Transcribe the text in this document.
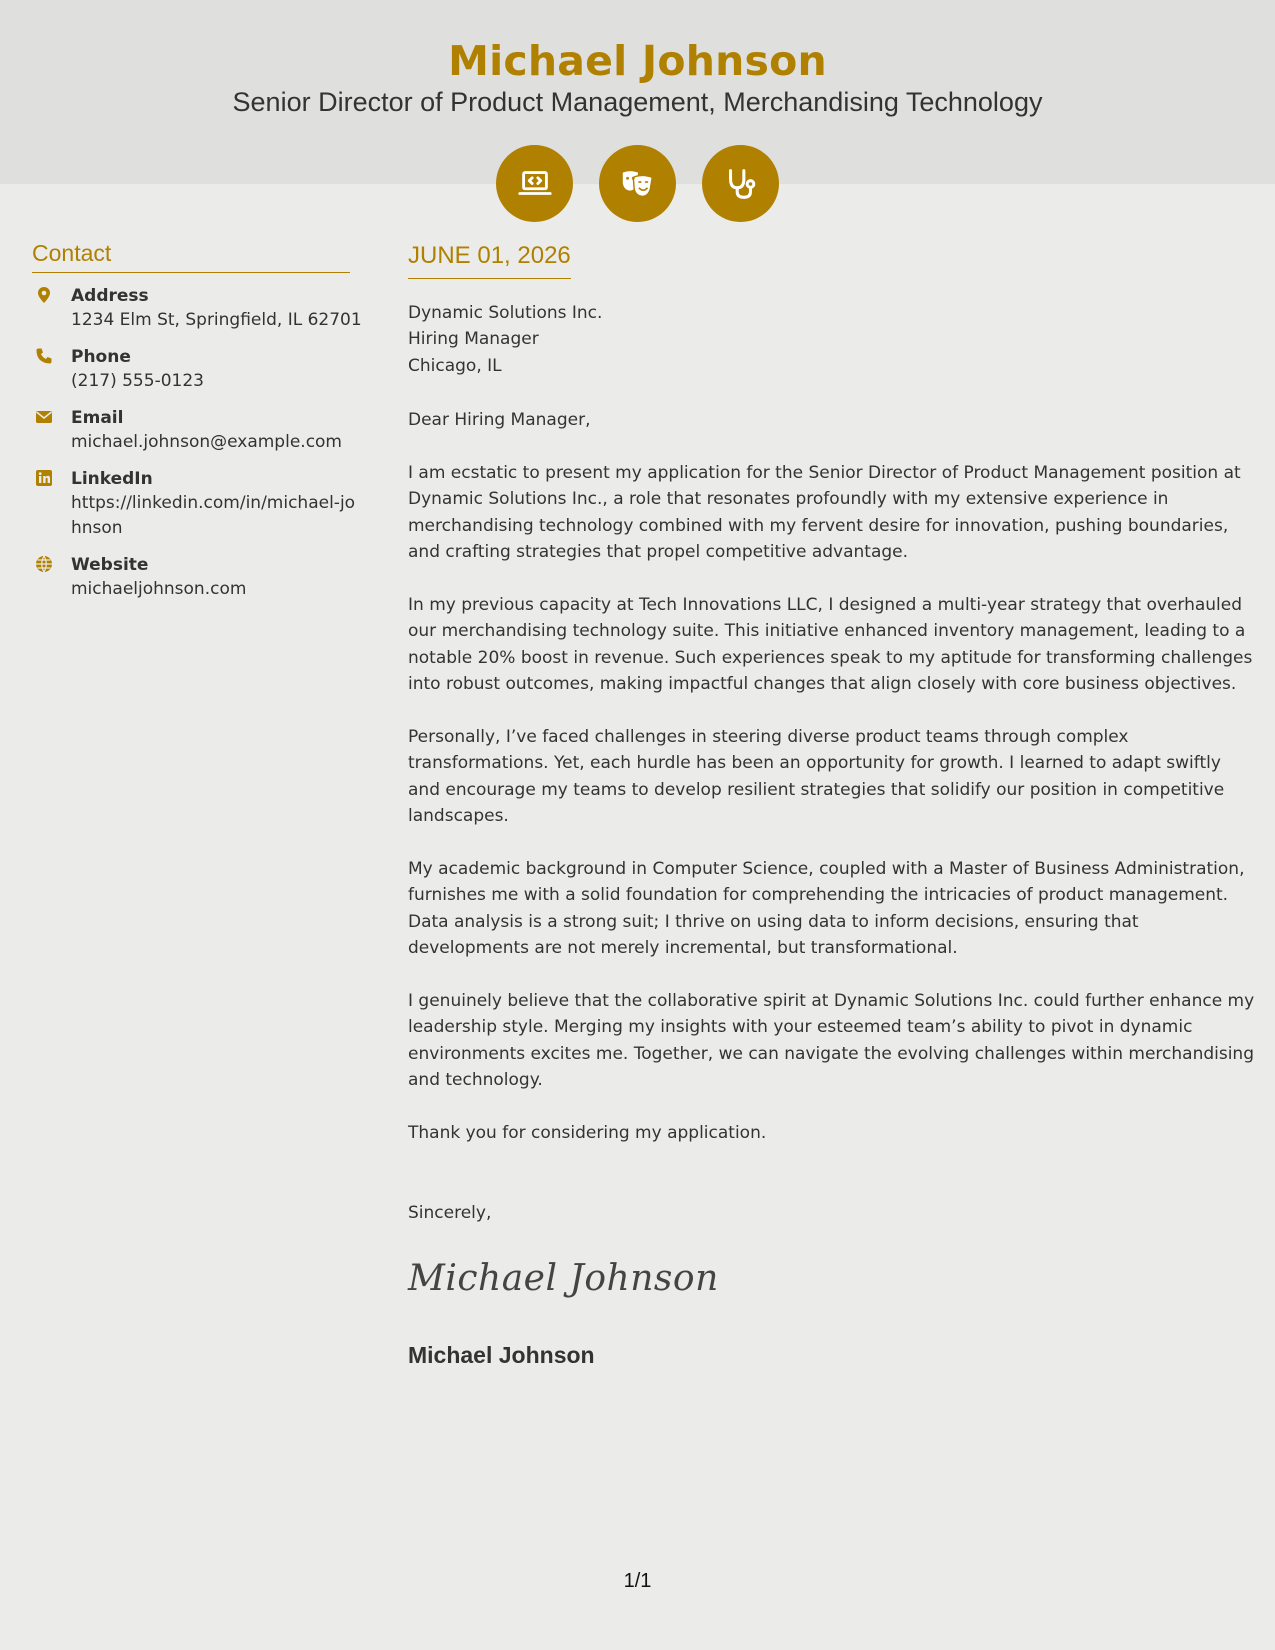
Michael Johnson
Senior Director of Product Management, Merchandising Technology
Contact
Address
1234 Elm St, Springfield, IL 62701
Phone
(217) 555-0123
Email
michael.johnson@example.com
LinkedIn
https://linkedin.com/in/michael-johnson
Website
michaeljohnson.com
JUNE 01, 2026

Dynamic Solutions Inc.

Hiring Manager

Chicago, IL

Dear Hiring Manager,

I am ecstatic to present my application for the Senior Director of Product Management position at Dynamic Solutions Inc., a role that resonates profoundly with my extensive experience in merchandising technology combined with my fervent desire for innovation, pushing boundaries, and crafting strategies that propel competitive advantage.

In my previous capacity at Tech Innovations LLC, I designed a multi-year strategy that overhauled our merchandising technology suite. This initiative enhanced inventory management, leading to a notable 20% boost in revenue. Such experiences speak to my aptitude for transforming challenges into robust outcomes, making impactful changes that align closely with core business objectives.

Personally, I’ve faced challenges in steering diverse product teams through complex transformations. Yet, each hurdle has been an opportunity for growth. I learned to adapt swiftly and encourage my teams to develop resilient strategies that solidify our position in competitive landscapes.

My academic background in Computer Science, coupled with a Master of Business Administration, furnishes me with a solid foundation for comprehending the intricacies of product management. Data analysis is a strong suit; I thrive on using data to inform decisions, ensuring that developments are not merely incremental, but transformational.

I genuinely believe that the collaborative spirit at Dynamic Solutions Inc. could further enhance my leadership style. Merging my insights with your esteemed team’s ability to pivot in dynamic environments excites me. Together, we can navigate the evolving challenges within merchandising and technology.

Thank you for considering my application.

Sincerely,

Michael Johnson
Michael Johnson
1/1
